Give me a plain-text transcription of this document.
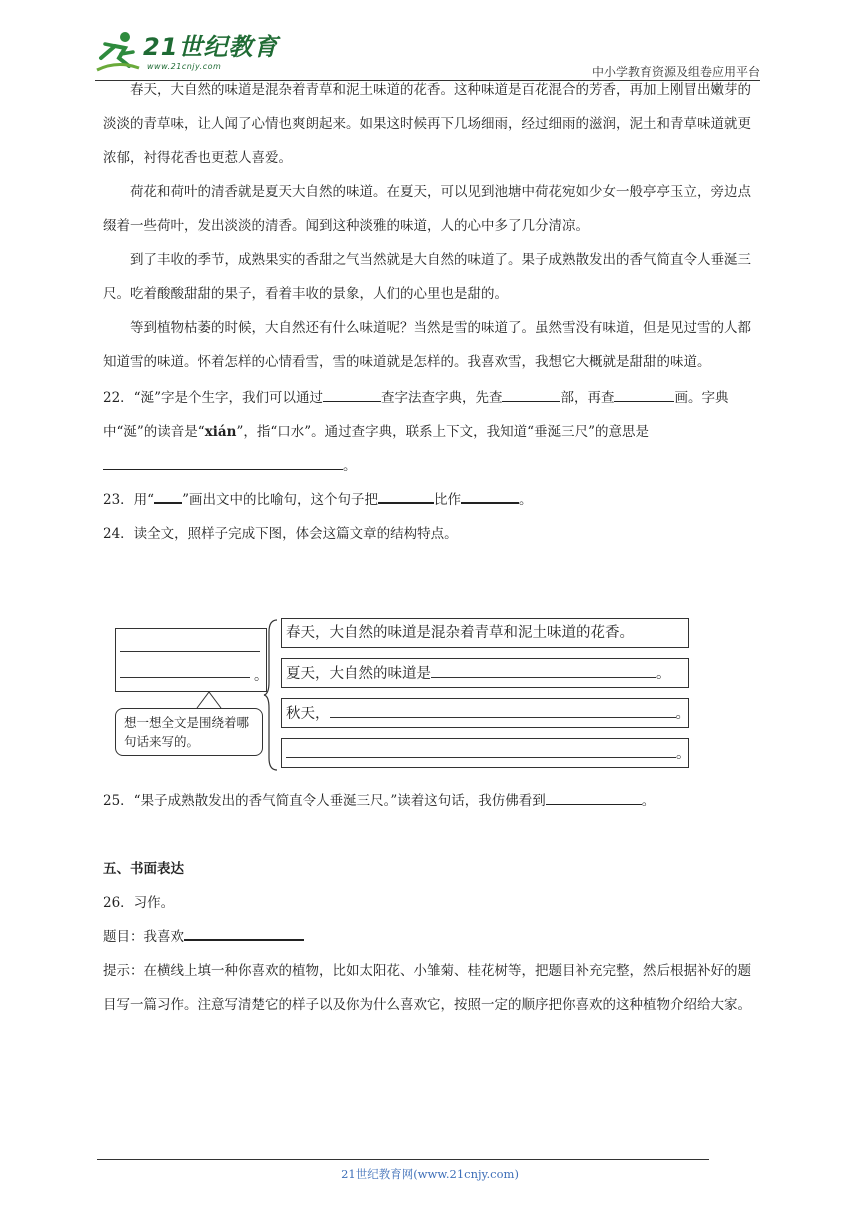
21世纪教育
www.21cnjy.com	中小学教育资源及组卷应用平台

春天，大自然的味道是混杂着青草和泥土味道的花香。这种味道是百花混合的芳香，再加上刚冒出嫩芽的淡淡的青草味，让人闻了心情也爽朗起来。如果这时候再下几场细雨，经过细雨的滋润，泥土和青草味道就更浓郁，衬得花香也更惹人喜爱。

荷花和荷叶的清香就是夏天大自然的味道。在夏天，可以见到池塘中荷花宛如少女一般亭亭玉立，旁边点缀着一些荷叶，发出淡淡的清香。闻到这种淡雅的味道，人的心中多了几分清凉。

到了丰收的季节，成熟果实的香甜之气当然就是大自然的味道了。果子成熟散发出的香气简直令人垂涎三尺。吃着酸酸甜甜的果子，看着丰收的景象，人们的心里也是甜的。

等到植物枯萎的时候，大自然还有什么味道呢？当然是雪的味道了。虽然雪没有味道，但是见过雪的人都知道雪的味道。怀着怎样的心情看雪，雪的味道就是怎样的。我喜欢雪，我想它大概就是甜甜的味道。

22．“涎”字是个生字，我们可以通过	查字法查字典，先查	部，再查	画。字典中“涎”的读音是“xián”，指“口水”。通过查字典，联系上下文，我知道“垂涎三尺”的意思是
。

23．用“ ”画出文中的比喻句，这个句子把	比作	。

24．读全文，照样子完成下图，体会这篇文章的结构特点。

。
想一想全文是围绕着哪句话来写的。
春天，大自然的味道是混杂着青草和泥土味道的花香。
夏天，大自然的味道是	。
秋天，	。
。

25．“果子成熟散发出的香气简直令人垂涎三尺。”读着这句话，我仿佛看到	。

五、书面表达

26．习作。

题目：我喜欢

提示：在横线上填一种你喜欢的植物，比如太阳花、小雏菊、桂花树等，把题目补充完整，然后根据补好的题目写一篇习作。注意写清楚它的样子以及你为什么喜欢它，按照一定的顺序把你喜欢的这种植物介绍给大家。

21世纪教育网(www.21cnjy.com)
